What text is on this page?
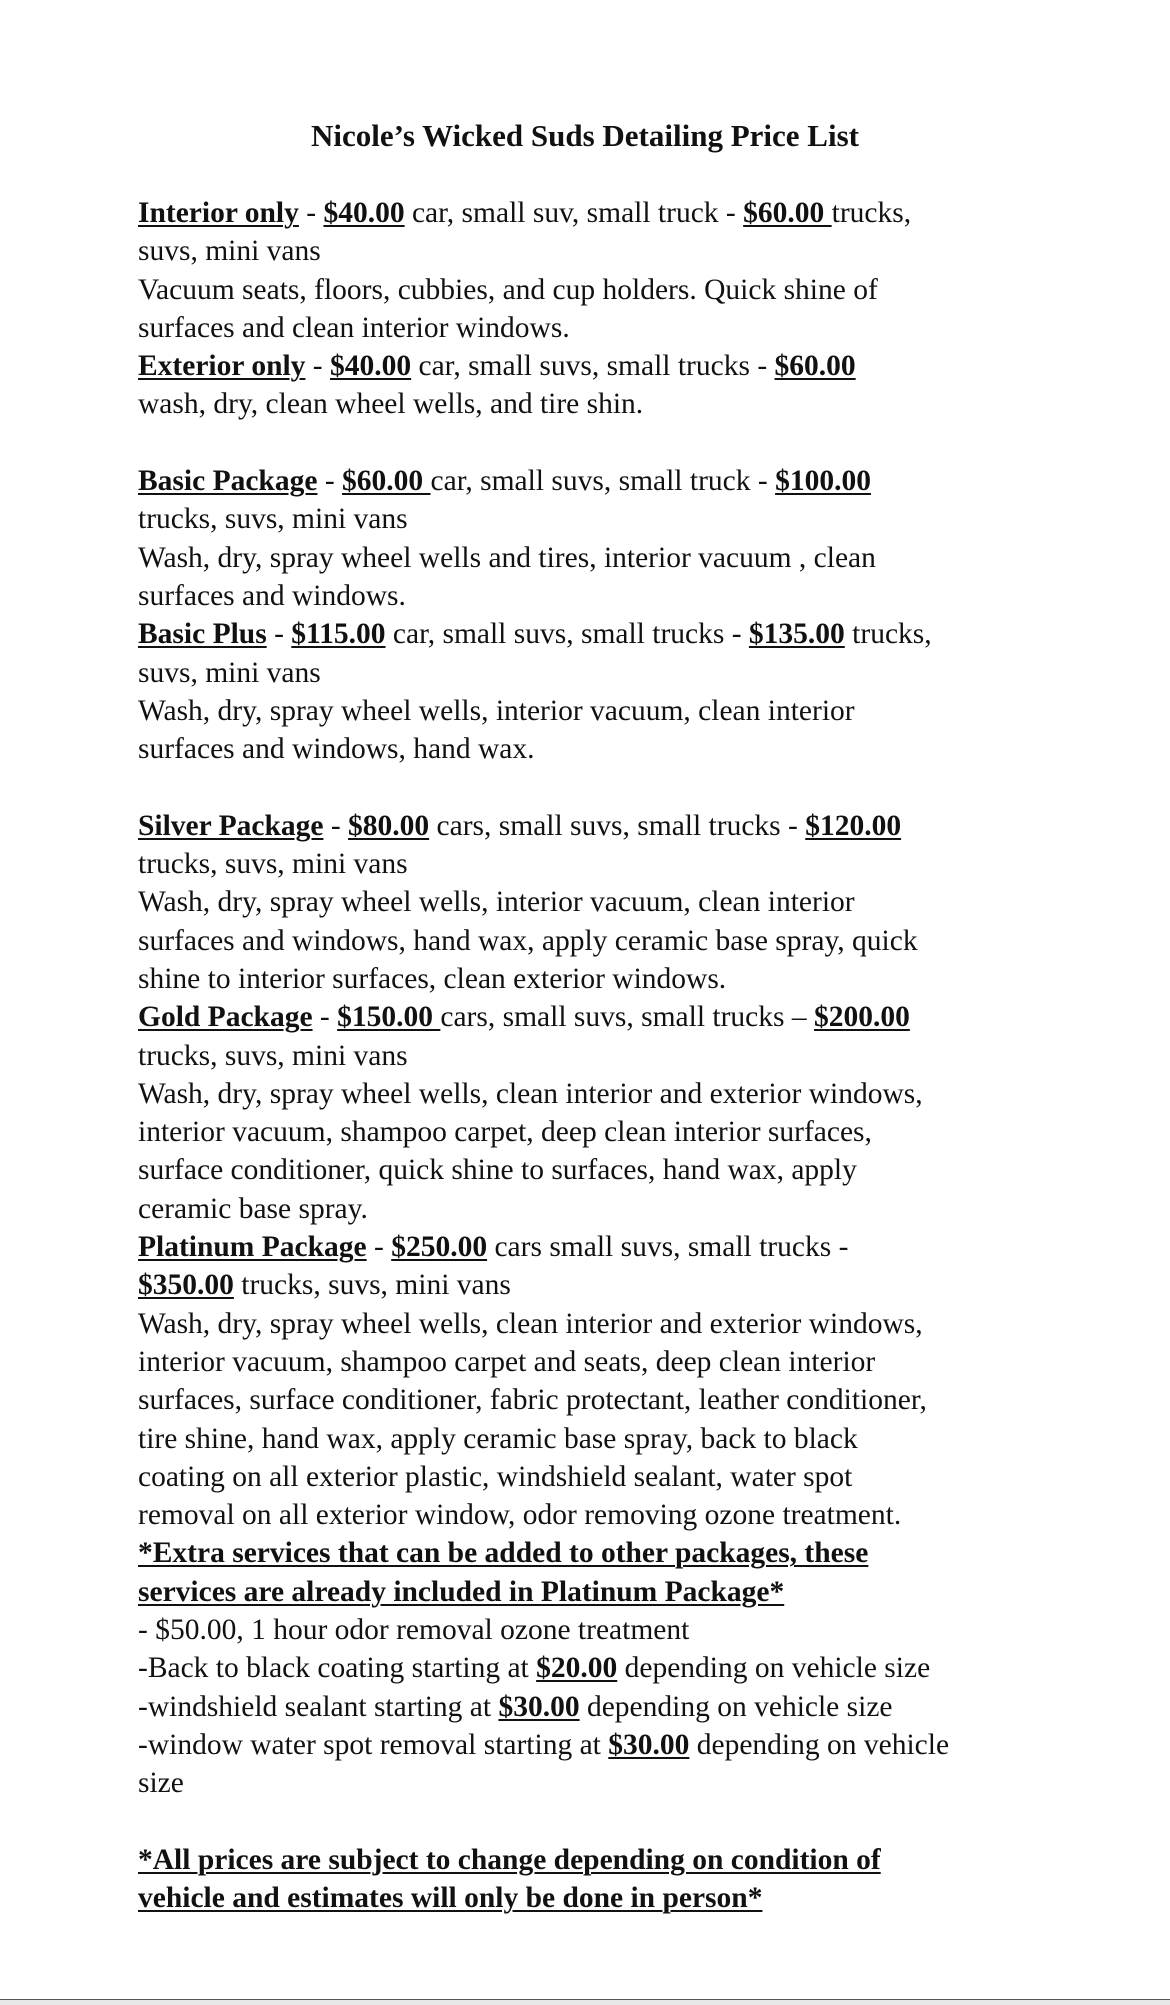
Nicole’s Wicked Suds Detailing Price List

Interior only - $40.00 car, small suv, small truck - $60.00 trucks,

suvs, mini vans

Vacuum seats, floors, cubbies, and cup holders. Quick shine of

surfaces and clean interior windows.

Exterior only - $40.00 car, small suvs, small trucks - $60.00

wash, dry, clean wheel wells, and tire shin.

Basic Package - $60.00 car, small suvs, small truck - $100.00

trucks, suvs, mini vans

Wash, dry, spray wheel wells and tires, interior vacuum , clean

surfaces and windows.

Basic Plus - $115.00 car, small suvs, small trucks - $135.00 trucks,

suvs, mini vans

Wash, dry, spray wheel wells, interior vacuum, clean interior

surfaces and windows, hand wax.

Silver Package - $80.00 cars, small suvs, small trucks - $120.00

trucks, suvs, mini vans

Wash, dry, spray wheel wells, interior vacuum, clean interior

surfaces and windows, hand wax, apply ceramic base spray, quick

shine to interior surfaces, clean exterior windows.

Gold Package - $150.00 cars, small suvs, small trucks – $200.00

trucks, suvs, mini vans

Wash, dry, spray wheel wells, clean interior and exterior windows,

interior vacuum, shampoo carpet, deep clean interior surfaces,

surface conditioner, quick shine to surfaces, hand wax, apply

ceramic base spray.

Platinum Package - $250.00 cars small suvs, small trucks -

$350.00 trucks, suvs, mini vans

Wash, dry, spray wheel wells, clean interior and exterior windows,

interior vacuum, shampoo carpet and seats, deep clean interior

surfaces, surface conditioner, fabric protectant, leather conditioner,

tire shine, hand wax, apply ceramic base spray, back to black

coating on all exterior plastic, windshield sealant, water spot

removal on all exterior window, odor removing ozone treatment.

*Extra services that can be added to other packages, these

services are already included in Platinum Package*

- $50.00, 1 hour odor removal ozone treatment

-Back to black coating starting at $20.00 depending on vehicle size

-windshield sealant starting at $30.00 depending on vehicle size

-window water spot removal starting at $30.00 depending on vehicle

size

*All prices are subject to change depending on condition of

vehicle and estimates will only be done in person*
